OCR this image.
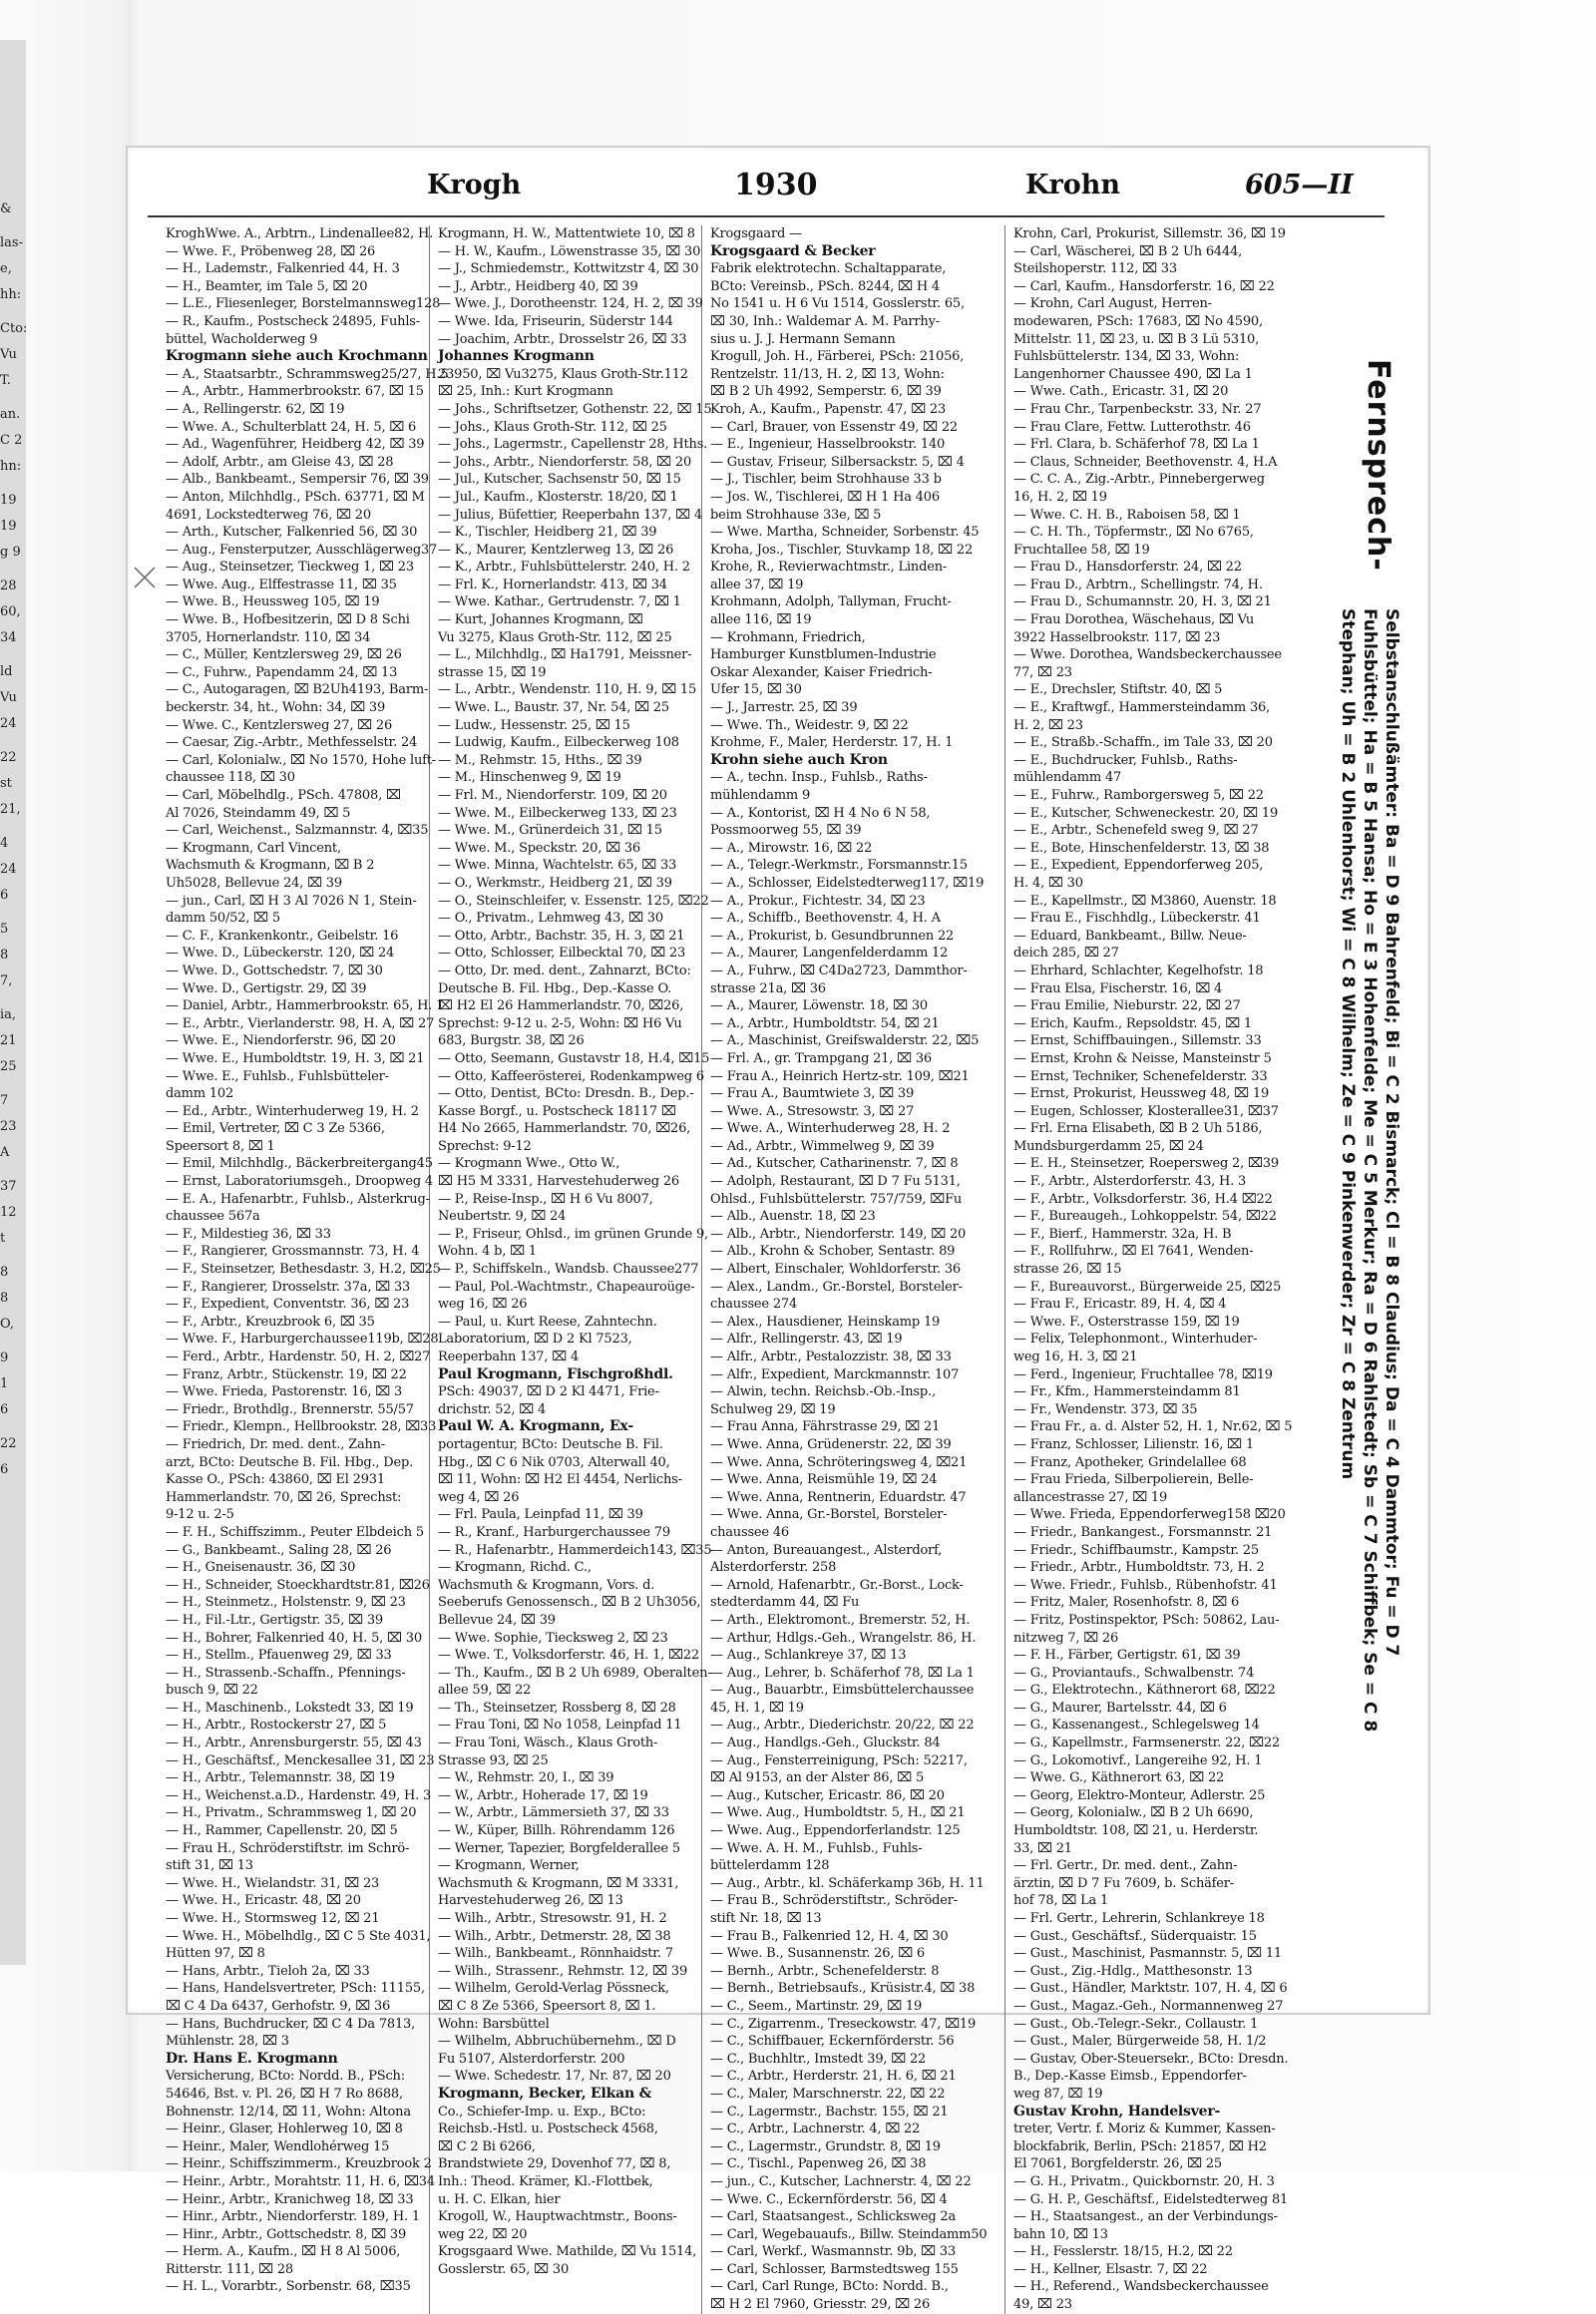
&
las-
e,
hh:
Cto:
Vu
T.
an.
C 2
hn:
19
19
g 9
28
60,
34
ld
Vu
24
22
st
21,
4
24
6
5
8
7,
ia,
21
25
7
23
A
37
12
t
8
8
O,
9
1
6
22
6
Krogh	1930	Krohn	605—II
KroghWwe. A., Arbtrn., Lindenallee82, H.
— Wwe. F., Pröbenweg 28, ⌧ 26
— H., Lademstr., Falkenried 44, H. 3
— H., Beamter, im Tale 5, ⌧ 20
— L.E., Fliesenleger, Borstelmannsweg128
— R., Kaufm., Postscheck 24895, Fuhls-
büttel, Wacholderweg 9
Krogmann siehe auch Krochmann
— A., Staatsarbtr., Schrammsweg25/27, H.5
— A., Arbtr., Hammerbrookstr. 67, ⌧ 15
— A., Rellingerstr. 62, ⌧ 19
— Wwe. A., Schulterblatt 24, H. 5, ⌧ 6
— Ad., Wagenführer, Heidberg 42, ⌧ 39
— Adolf, Arbtr., am Gleise 43, ⌧ 28
— Alb., Bankbeamt., Sempersir 76, ⌧ 39
— Anton, Milchhdlg., PSch. 63771, ⌧ M
4691, Lockstedterweg 76, ⌧ 20
— Arth., Kutscher, Falkenried 56, ⌧ 30
— Aug., Fensterputzer, Ausschlägerweg37
— Aug., Steinsetzer, Tieckweg 1, ⌧ 23
— Wwe. Aug., Elffestrasse 11, ⌧ 35
— Wwe. B., Heussweg 105, ⌧ 19
— Wwe. B., Hofbesitzerin, ⌧ D 8 Schi
3705, Hornerlandstr. 110, ⌧ 34
— C., Müller, Kentzlersweg 29, ⌧ 26
— C., Fuhrw., Papendamm 24, ⌧ 13
— C., Autogaragen, ⌧ B2Uh4193, Barm-
beckerstr. 34, ht., Wohn: 34, ⌧ 39
— Wwe. C., Kentzlersweg 27, ⌧ 26
— Caesar, Zig.-Arbtr., Methfesselstr. 24
— Carl, Kolonialw., ⌧ No 1570, Hohe luft-
chaussee 118, ⌧ 30
— Carl, Möbelhdlg., PSch. 47808, ⌧
Al 7026, Steindamm 49, ⌧ 5
— Carl, Weichenst., Salzmannstr. 4, ⌧35
— Krogmann, Carl Vincent,
Wachsmuth & Krogmann, ⌧ B 2
Uh5028, Bellevue 24, ⌧ 39
— jun., Carl, ⌧ H 3 Al 7026 N 1, Stein-
damm 50/52, ⌧ 5
— C. F., Krankenkontr., Geibelstr. 16
— Wwe. D., Lübeckerstr. 120, ⌧ 24
— Wwe. D., Gottschedstr. 7, ⌧ 30
— Wwe. D., Gertigstr. 29, ⌧ 39
— Daniel, Arbtr., Hammerbrookstr. 65, H. 1
— E., Arbtr., Vierlanderstr. 98, H. A, ⌧ 27
— Wwe. E., Niendorferstr. 96, ⌧ 20
— Wwe. E., Humboldtstr. 19, H. 3, ⌧ 21
— Wwe. E., Fuhlsb., Fuhlsbütteler-
damm 102
— Ed., Arbtr., Winterhuderweg 19, H. 2
— Emil, Vertreter, ⌧ C 3 Ze 5366,
Speersort 8, ⌧ 1
— Emil, Milchhdlg., Bäckerbreitergang45
— Ernst, Laboratoriumsgeh., Droopweg 4
— E. A., Hafenarbtr., Fuhlsb., Alsterkrug-
chaussee 567a
— F., Mildestieg 36, ⌧ 33
— F., Rangierer, Grossmannstr. 73, H. 4
— F., Steinsetzer, Bethesdastr. 3, H.2, ⌧25
— F., Rangierer, Drosselstr. 37a, ⌧ 33
— F., Expedient, Conventstr. 36, ⌧ 23
— F., Arbtr., Kreuzbrook 6, ⌧ 35
— Wwe. F., Harburgerchaussee119b, ⌧28
— Ferd., Arbtr., Hardenstr. 50, H. 2, ⌧27
— Franz, Arbtr., Stückenstr. 19, ⌧ 22
— Wwe. Frieda, Pastorenstr. 16, ⌧ 3
— Friedr., Brothdlg., Brennerstr. 55/57
— Friedr., Klempn., Hellbrookstr. 28, ⌧33
— Friedrich, Dr. med. dent., Zahn-
arzt, BCto: Deutsche B. Fil. Hbg., Dep.
Kasse O., PSch: 43860, ⌧ El 2931
Hammerlandstr. 70, ⌧ 26, Sprechst:
9-12 u. 2-5
— F. H., Schiffszimm., Peuter Elbdeich 5
— G., Bankbeamt., Saling 28, ⌧ 26
— H., Gneisenaustr. 36, ⌧ 30
— H., Schneider, Stoeckhardtstr.81, ⌧26
— H., Steinmetz., Holstenstr. 9, ⌧ 23
— H., Fil.-Ltr., Gertigstr. 35, ⌧ 39
— H., Bohrer, Falkenried 40, H. 5, ⌧ 30
— H., Stellm., Pfauenweg 29, ⌧ 33
— H., Strassenb.-Schaffn., Pfennings-
busch 9, ⌧ 22
— H., Maschinenb., Lokstedt 33, ⌧ 19
— H., Arbtr., Rostockerstr 27, ⌧ 5
— H., Arbtr., Anrensburgerstr. 55, ⌧ 43
— H., Geschäftsf., Menckesallee 31, ⌧ 23
— H., Arbtr., Telemannstr. 38, ⌧ 19
— H., Weichenst.a.D., Hardenstr. 49, H. 3
— H., Privatm., Schrammsweg 1, ⌧ 20
— H., Rammer, Capellenstr. 20, ⌧ 5
— Frau H., Schröderstiftstr. im Schrö-
stift 31, ⌧ 13
— Wwe. H., Wielandstr. 31, ⌧ 23
— Wwe. H., Ericastr. 48, ⌧ 20
— Wwe. H., Stormsweg 12, ⌧ 21
— Wwe. H., Möbelhdlg., ⌧ C 5 Ste 4031,
Hütten 97, ⌧ 8
— Hans, Arbtr., Tieloh 2a, ⌧ 33
— Hans, Handelsvertreter, PSch: 11155,
⌧ C 4 Da 6437, Gerhofstr. 9, ⌧ 36
— Hans, Buchdrucker, ⌧ C 4 Da 7813,
Mühlenstr. 28, ⌧ 3
Dr. Hans E. Krogmann
Versicherung, BCto: Nordd. B., PSch:
54646, Bst. v. Pl. 26, ⌧ H 7 Ro 8688,
Bohnenstr. 12/14, ⌧ 11, Wohn: Altona
— Heinr., Glaser, Hohlerweg 10, ⌧ 8
— Heinr., Maler, Wendlohérweg 15
— Heinr., Schiffszimmerm., Kreuzbrook 2
— Heinr., Arbtr., Morahtstr. 11, H. 6, ⌧34
— Heinr., Arbtr., Kranichweg 18, ⌧ 33
— Hinr., Arbtr., Niendorferstr. 189, H. 1
— Hinr., Arbtr., Gottschedstr. 8, ⌧ 39
— Herm. A., Kaufm., ⌧ H 8 Al 5006,
Ritterstr. 111, ⌧ 28
— H. L., Vorarbtr., Sorbenstr. 68, ⌧35
Krogmann, H. W., Mattentwiete 10, ⌧ 8
— H. W., Kaufm., Löwenstrasse 35, ⌧ 30
— J., Schmiedemstr., Kottwitzstr 4, ⌧ 30
— J., Arbtr., Heidberg 40, ⌧ 39
— Wwe. J., Dorotheenstr. 124, H. 2, ⌧ 39
— Wwe. Ida, Friseurin, Süderstr 144
— Joachim, Arbtr., Drosselstr 26, ⌧ 33
Johannes Krogmann
23950, ⌧ Vu3275, Klaus Groth-Str.112
⌧ 25, Inh.: Kurt Krogmann
— Johs., Schriftsetzer, Gothenstr. 22, ⌧ 15
— Johs., Klaus Groth-Str. 112, ⌧ 25
— Johs., Lagermstr., Capellenstr 28, Hths.
— Johs., Arbtr., Niendorferstr. 58, ⌧ 20
— Jul., Kutscher, Sachsenstr 50, ⌧ 15
— Jul., Kaufm., Klosterstr. 18/20, ⌧ 1
— Julius, Büfettier, Reeperbahn 137, ⌧ 4
— K., Tischler, Heidberg 21, ⌧ 39
— K., Maurer, Kentzlerweg 13, ⌧ 26
— K., Arbtr., Fuhlsbüttelerstr. 240, H. 2
— Frl. K., Hornerlandstr. 413, ⌧ 34
— Wwe. Kathar., Gertrudenstr. 7, ⌧ 1
— Kurt, Johannes Krogmann, ⌧
Vu 3275, Klaus Groth-Str. 112, ⌧ 25
— L., Milchhdlg., ⌧ Ha1791, Meissner-
strasse 15, ⌧ 19
— L., Arbtr., Wendenstr. 110, H. 9, ⌧ 15
— Wwe. L., Baustr. 37, Nr. 54, ⌧ 25
— Ludw., Hessenstr. 25, ⌧ 15
— Ludwig, Kaufm., Eilbeckerweg 108
— M., Rehmstr. 15, Hths., ⌧ 39
— M., Hinschenweg 9, ⌧ 19
— Frl. M., Niendorferstr. 109, ⌧ 20
— Wwe. M., Eilbeckerweg 133, ⌧ 23
— Wwe. M., Grünerdeich 31, ⌧ 15
— Wwe. M., Speckstr. 20, ⌧ 36
— Wwe. Minna, Wachtelstr. 65, ⌧ 33
— O., Werkmstr., Heidberg 21, ⌧ 39
— O., Steinschleifer, v. Essenstr. 125, ⌧22
— O., Privatm., Lehmweg 43, ⌧ 30
— Otto, Arbtr., Bachstr. 35, H. 3, ⌧ 21
— Otto, Schlosser, Eilbecktal 70, ⌧ 23
— Otto, Dr. med. dent., Zahnarzt, BCto:
Deutsche B. Fil. Hbg., Dep.-Kasse O.
⌧ H2 El 26 Hammerlandstr. 70, ⌧26,
Sprechst: 9-12 u. 2-5, Wohn: ⌧ H6 Vu
683, Burgstr. 38, ⌧ 26
— Otto, Seemann, Gustavstr 18, H.4, ⌧15
— Otto, Kaffeerösterei, Rodenkampweg 6
— Otto, Dentist, BCto: Dresdn. B., Dep.-
Kasse Borgf., u. Postscheck 18117 ⌧
H4 No 2665, Hammerlandstr. 70, ⌧26,
Sprechst: 9-12
— Krogmann Wwe., Otto W.,
⌧ H5 M 3331, Harvestehuderweg 26
— P., Reise-Insp., ⌧ H 6 Vu 8007,
Neubertstr. 9, ⌧ 24
— P., Friseur, Ohlsd., im grünen Grunde 9,
Wohn. 4 b, ⌧ 1
— P., Schiffskeln., Wandsb. Chaussee277
— Paul, Pol.-Wachtmstr., Chapeauroüge-
weg 16, ⌧ 26
— Paul, u. Kurt Reese, Zahntechn.
Laboratorium, ⌧ D 2 Kl 7523,
Reeperbahn 137, ⌧ 4
Paul Krogmann, Fischgroßhdl.
PSch: 49037, ⌧ D 2 Kl 4471, Frie-
drichstr. 52, ⌧ 4
Paul W. A. Krogmann, Ex-
portagentur, BCto: Deutsche B. Fil.
Hbg., ⌧ C 6 Nik 0703, Alterwall 40,
⌧ 11, Wohn: ⌧ H2 El 4454, Nerlichs-
weg 4, ⌧ 26
— Frl. Paula, Leinpfad 11, ⌧ 39
— R., Kranf., Harburgerchaussee 79
— R., Hafenarbtr., Hammerdeich143, ⌧35
— Krogmann, Richd. C.,
Wachsmuth & Krogmann, Vors. d.
Seeberufs Genossensch., ⌧ B 2 Uh3056,
Bellevue 24, ⌧ 39
— Wwe. Sophie, Tiecksweg 2, ⌧ 23
— Wwe. T., Volksdorferstr. 46, H. 1, ⌧22
— Th., Kaufm., ⌧ B 2 Uh 6989, Oberalten-
allee 59, ⌧ 22
— Th., Steinsetzer, Rossberg 8, ⌧ 28
— Frau Toni, ⌧ No 1058, Leinpfad 11
— Frau Toni, Wäsch., Klaus Groth-
Strasse 93, ⌧ 25
— W., Rehmstr. 20, I., ⌧ 39
— W., Arbtr., Hoherade 17, ⌧ 19
— W., Arbtr., Lämmersieth 37, ⌧ 33
— W., Küper, Billh. Röhrendamm 126
— Werner, Tapezier, Borgfelderallee 5
— Krogmann, Werner,
Wachsmuth & Krogmann, ⌧ M 3331,
Harvestehuderweg 26, ⌧ 13
— Wilh., Arbtr., Stresowstr. 91, H. 2
— Wilh., Arbtr., Detmerstr. 28, ⌧ 38
— Wilh., Bankbeamt., Rönnhaidstr. 7
— Wilh., Strassenr., Rehmstr. 12, ⌧ 39
— Wilhelm, Gerold-Verlag Pössneck,
⌧ C 8 Ze 5366, Speersort 8, ⌧ 1.
Wohn: Barsbüttel
— Wilhelm, Abbruchübernehm., ⌧ D
Fu 5107, Alsterdorferstr. 200
— Wwe. Schedestr. 17, Nr. 87, ⌧ 20
Krogmann, Becker, Elkan &
Co., Schiefer-Imp. u. Exp., BCto:
Reichsb.-Hstl. u. Postscheck 4568,
⌧ C 2 Bi 6266,
Brandstwiete 29, Dovenhof 77, ⌧ 8,
Inh.: Theod. Krämer, Kl.-Flottbek,
u. H. C. Elkan, hier
Krogoll, W., Hauptwachtmstr., Boons-
weg 22, ⌧ 20
Krogsgaard Wwe. Mathilde, ⌧ Vu 1514,
Gosslerstr. 65, ⌧ 30
Krogsgaard —
Krogsgaard & Becker
Fabrik elektrotechn. Schaltapparate,
BCto: Vereinsb., PSch. 8244, ⌧ H 4
No 1541 u. H 6 Vu 1514, Gosslerstr. 65,
⌧ 30, Inh.: Waldemar A. M. Parrhy-
sius u. J. J. Hermann Semann
Krogull, Joh. H., Färberei, PSch: 21056,
Rentzelstr. 11/13, H. 2, ⌧ 13, Wohn:
⌧ B 2 Uh 4992, Semperstr. 6, ⌧ 39
Kroh, A., Kaufm., Papenstr. 47, ⌧ 23
— Carl, Brauer, von Essenstr 49, ⌧ 22
— E., Ingenieur, Hasselbrookstr. 140
— Gustav, Friseur, Silbersackstr. 5, ⌧ 4
— J., Tischler, beim Strohhause 33 b
— Jos. W., Tischlerei, ⌧ H 1 Ha 406
beim Strohhause 33e, ⌧ 5
— Wwe. Martha, Schneider, Sorbenstr. 45
Kroha, Jos., Tischler, Stuvkamp 18, ⌧ 22
Krohe, R., Revierwachtmstr., Linden-
allee 37, ⌧ 19
Krohmann, Adolph, Tallyman, Frucht-
allee 116, ⌧ 19
— Krohmann, Friedrich,
Hamburger Kunstblumen-Industrie
Oskar Alexander, Kaiser Friedrich-
Ufer 15, ⌧ 30
— J., Jarrestr. 25, ⌧ 39
— Wwe. Th., Weidestr. 9, ⌧ 22
Krohme, F., Maler, Herderstr. 17, H. 1
Krohn siehe auch Kron
— A., techn. Insp., Fuhlsb., Raths-
mühlendamm 9
— A., Kontorist, ⌧ H 4 No 6 N 58,
Possmoorweg 55, ⌧ 39
— A., Mirowstr. 16, ⌧ 22
— A., Telegr.-Werkmstr., Forsmannstr.15
— A., Schlosser, Eidelstedterweg117, ⌧19
— A., Prokur., Fichtestr. 34, ⌧ 23
— A., Schiffb., Beethovenstr. 4, H. A
— A., Prokurist, b. Gesundbrunnen 22
— A., Maurer, Langenfelderdamm 12
— A., Fuhrw., ⌧ C4Da2723, Dammthor-
strasse 21a, ⌧ 36
— A., Maurer, Löwenstr. 18, ⌧ 30
— A., Arbtr., Humboldtstr. 54, ⌧ 21
— A., Maschinist, Greifswalderstr. 22, ⌧5
— Frl. A., gr. Trampgang 21, ⌧ 36
— Frau A., Heinrich Hertz-str. 109, ⌧21
— Frau A., Baumtwiete 3, ⌧ 39
— Wwe. A., Stresowstr. 3, ⌧ 27
— Wwe. A., Winterhuderweg 28, H. 2
— Ad., Arbtr., Wimmelweg 9, ⌧ 39
— Ad., Kutscher, Catharinenstr. 7, ⌧ 8
— Adolph, Restaurant, ⌧ D 7 Fu 5131,
Ohlsd., Fuhlsbüttelerstr. 757/759, ⌧Fu
— Alb., Auenstr. 18, ⌧ 23
— Alb., Arbtr., Niendorferstr. 149, ⌧ 20
— Alb., Krohn & Schober, Sentastr. 89
— Albert, Einschaler, Wohldorferstr. 36
— Alex., Landm., Gr.-Borstel, Borsteler-
chaussee 274
— Alex., Hausdiener, Heinskamp 19
— Alfr., Rellingerstr. 43, ⌧ 19
— Alfr., Arbtr., Pestalozzistr. 38, ⌧ 33
— Alfr., Expedient, Marckmannstr. 107
— Alwin, techn. Reichsb.-Ob.-Insp.,
Schulweg 29, ⌧ 19
— Frau Anna, Fährstrasse 29, ⌧ 21
— Wwe. Anna, Grüdenerstr. 22, ⌧ 39
— Wwe. Anna, Schröteringsweg 4, ⌧21
— Wwe. Anna, Reismühle 19, ⌧ 24
— Wwe. Anna, Rentnerin, Eduardstr. 47
— Wwe. Anna, Gr.-Borstel, Borsteler-
chaussee 46
— Anton, Bureauangest., Alsterdorf,
Alsterdorferstr. 258
— Arnold, Hafenarbtr., Gr.-Borst., Lock-
stedterdamm 44, ⌧ Fu
— Arth., Elektromont., Bremerstr. 52, H.
— Arthur, Hdlgs.-Geh., Wrangelstr. 86, H.
— Aug., Schlankreye 37, ⌧ 13
— Aug., Lehrer, b. Schäferhof 78, ⌧ La 1
— Aug., Bauarbtr., Eimsbüttelerchaussee
45, H. 1, ⌧ 19
— Aug., Arbtr., Diederichstr. 20/22, ⌧ 22
— Aug., Handlgs.-Geh., Gluckstr. 84
— Aug., Fensterreinigung, PSch: 52217,
⌧ Al 9153, an der Alster 86, ⌧ 5
— Aug., Kutscher, Ericastr. 86, ⌧ 20
— Wwe. Aug., Humboldtstr. 5, H., ⌧ 21
— Wwe. Aug., Eppendorferlandstr. 125
— Wwe. A. H. M., Fuhlsb., Fuhls-
büttelerdamm 128
— Aug., Arbtr., kl. Schäferkamp 36b, H. 11
— Frau B., Schröderstiftstr., Schröder-
stift Nr. 18, ⌧ 13
— Frau B., Falkenried 12, H. 4, ⌧ 30
— Wwe. B., Susannenstr. 26, ⌧ 6
— Bernh., Arbtr., Schenefelderstr. 8
— Bernh., Betriebsaufs., Krüsistr.4, ⌧ 38
— C., Seem., Martinstr. 29, ⌧ 19
— C., Zigarrenm., Treseckowstr. 47, ⌧19
— C., Schiffbauer, Eckernförderstr. 56
— C., Buchhltr., Imstedt 39, ⌧ 22
— C., Arbtr., Herderstr. 21, H. 6, ⌧ 21
— C., Maler, Marschnerstr. 22, ⌧ 22
— C., Lagermstr., Bachstr. 155, ⌧ 21
— C., Arbtr., Lachnerstr. 4, ⌧ 22
— C., Lagermstr., Grundstr. 8, ⌧ 19
— C., Tischl., Papenweg 26, ⌧ 38
— jun., C., Kutscher, Lachnerstr. 4, ⌧ 22
— Wwe. C., Eckernförderstr. 56, ⌧ 4
— Carl, Staatsangest., Schlicksweg 2a
— Carl, Wegebauaufs., Billw. Steindamm50
— Carl, Werkf., Wasmannstr. 9b, ⌧ 33
— Carl, Schlosser, Barmstedtsweg 155
— Carl, Carl Runge, BCto: Nordd. B.,
⌧ H 2 El 7960, Griesstr. 29, ⌧ 26
Krohn, Carl, Prokurist, Sillemstr. 36, ⌧ 19
— Carl, Wäscherei, ⌧ B 2 Uh 6444,
Steilshoperstr. 112, ⌧ 33
— Carl, Kaufm., Hansdorferstr. 16, ⌧ 22
— Krohn, Carl August, Herren-
modewaren, PSch: 17683, ⌧ No 4590,
Mittelstr. 11, ⌧ 23, u. ⌧ B 3 Lü 5310,
Fuhlsbüttelerstr. 134, ⌧ 33, Wohn:
Langenhorner Chaussee 490, ⌧ La 1
— Wwe. Cath., Ericastr. 31, ⌧ 20
— Frau Chr., Tarpenbeckstr. 33, Nr. 27
— Frau Clare, Fettw. Lutterothstr. 46
— Frl. Clara, b. Schäferhof 78, ⌧ La 1
— Claus, Schneider, Beethovenstr. 4, H.A
— C. C. A., Zig.-Arbtr., Pinnebergerweg
16, H. 2, ⌧ 19
— Wwe. C. H. B., Raboisen 58, ⌧ 1
— C. H. Th., Töpfermstr., ⌧ No 6765,
Fruchtallee 58, ⌧ 19
— Frau D., Hansdorferstr. 24, ⌧ 22
— Frau D., Arbtrn., Schellingstr. 74, H.
— Frau D., Schumannstr. 20, H. 3, ⌧ 21
— Frau Dorothea, Wäschehaus, ⌧ Vu
3922 Hasselbrookstr. 117, ⌧ 23
— Wwe. Dorothea, Wandsbeckerchaussee
77, ⌧ 23
— E., Drechsler, Stiftstr. 40, ⌧ 5
— E., Kraftwgf., Hammersteindamm 36,
H. 2, ⌧ 23
— E., Straßb.-Schaffn., im Tale 33, ⌧ 20
— E., Buchdrucker, Fuhlsb., Raths-
mühlendamm 47
— E., Fuhrw., Ramborgersweg 5, ⌧ 22
— E., Kutscher, Schweneckestr. 20, ⌧ 19
— E., Arbtr., Schenefeld sweg 9, ⌧ 27
— E., Bote, Hinschenfelderstr. 13, ⌧ 38
— E., Expedient, Eppendorferweg 205,
H. 4, ⌧ 30
— E., Kapellmstr., ⌧ M3860, Auenstr. 18
— Frau E., Fischhdlg., Lübeckerstr. 41
— Eduard, Bankbeamt., Billw. Neue-
deich 285, ⌧ 27
— Ehrhard, Schlachter, Kegelhofstr. 18
— Frau Elsa, Fischerstr. 16, ⌧ 4
— Frau Emilie, Nieburstr. 22, ⌧ 27
— Erich, Kaufm., Repsoldstr. 45, ⌧ 1
— Ernst, Schiffbauingen., Sillemstr. 33
— Ernst, Krohn & Neisse, Mansteinstr 5
— Ernst, Techniker, Schenefelderstr. 33
— Ernst, Prokurist, Heussweg 48, ⌧ 19
— Eugen, Schlosser, Klosterallee31, ⌧37
— Frl. Erna Elisabeth, ⌧ B 2 Uh 5186,
Mundsburgerdamm 25, ⌧ 24
— E. H., Steinsetzer, Roepersweg 2, ⌧39
— F., Arbtr., Alsterdorferstr. 43, H. 3
— F., Arbtr., Volksdorferstr. 36, H.4 ⌧22
— F., Bureaugeh., Lohkoppelstr. 54, ⌧22
— F., Bierf., Hammerstr. 32a, H. B
— F., Rollfuhrw., ⌧ El 7641, Wenden-
strasse 26, ⌧ 15
— F., Bureauvorst., Bürgerweide 25, ⌧25
— Frau F., Ericastr. 89, H. 4, ⌧ 4
— Wwe. F., Osterstrasse 159, ⌧ 19
— Felix, Telephonmont., Winterhuder-
weg 16, H. 3, ⌧ 21
— Ferd., Ingenieur, Fruchtallee 78, ⌧19
— Fr., Kfm., Hammersteindamm 81
— Fr., Wendenstr. 373, ⌧ 35
— Frau Fr., a. d. Alster 52, H. 1, Nr.62, ⌧ 5
— Franz, Schlosser, Lilienstr. 16, ⌧ 1
— Franz, Apotheker, Grindelallee 68
— Frau Frieda, Silberpolierein, Belle-
allancestrasse 27, ⌧ 19
— Wwe. Frieda, Eppendorferweg158 ⌧20
— Friedr., Bankangest., Forsmannstr. 21
— Friedr., Schiffbaumstr., Kampstr. 25
— Friedr., Arbtr., Humboldtstr. 73, H. 2
— Wwe. Friedr., Fuhlsb., Rübenhofstr. 41
— Fritz, Maler, Rosenhofstr. 8, ⌧ 6
— Fritz, Postinspektor, PSch: 50862, Lau-
nitzweg 7, ⌧ 26
— F. H., Färber, Gertigstr. 61, ⌧ 39
— G., Proviantaufs., Schwalbenstr. 74
— G., Elektrotechn., Käthnerort 68, ⌧22
— G., Maurer, Bartelsstr. 44, ⌧ 6
— G., Kassenangest., Schlegelsweg 14
— G., Kapellmstr., Farmsenerstr. 22, ⌧22
— G., Lokomotivf., Langereihe 92, H. 1
— Wwe. G., Käthnerort 63, ⌧ 22
— Georg, Elektro-Monteur, Adlerstr. 25
— Georg, Kolonialw., ⌧ B 2 Uh 6690,
Humboldtstr. 108, ⌧ 21, u. Herderstr.
33, ⌧ 21
— Frl. Gertr., Dr. med. dent., Zahn-
ärztin, ⌧ D 7 Fu 7609, b. Schäfer-
hof 78, ⌧ La 1
— Frl. Gertr., Lehrerin, Schlankreye 18
— Gust., Geschäftsf., Süderquaistr. 15
— Gust., Maschinist, Pasmannstr. 5, ⌧ 11
— Gust., Zig.-Hdlg., Matthesonstr. 13
— Gust., Händler, Marktstr. 107, H. 4, ⌧ 6
— Gust., Magaz.-Geh., Normannenweg 27
— Gust., Ob.-Telegr.-Sekr., Collaustr. 1
— Gust., Maler, Bürgerweide 58, H. 1/2
— Gustav, Ober-Steuersekr., BCto: Dresdn.
B., Dep.-Kasse Eimsb., Eppendorfer-
weg 87, ⌧ 19
Gustav Krohn, Handelsver-
treter, Vertr. f. Moriz & Kummer, Kassen-
blockfabrik, Berlin, PSch: 21857, ⌧ H2
El 7061, Borgfelderstr. 26, ⌧ 25
— G. H., Privatm., Quickbornstr. 20, H. 3
— G. H. P., Geschäftsf., Eidelstedterweg 81
— H., Staatsangest., an der Verbindungs-
bahn 10, ⌧ 13
— H., Fesslerstr. 18/15, H.2, ⌧ 22
— H., Kellner, Elsastr. 7, ⌧ 22
— H., Referend., Wandsbeckerchaussee
49, ⌧ 23
Fernsprech-
Selbstanschlußämter: Ba = D 9 Bahrenfeld; Bi = C 2 Bismarck; Cl = B 8 Claudius; Da = C 4 Dammtor; Fu = D 7 Fuhlsbüttel; Ha = B 5 Hansa; Ho = E 3 Hohenfelde; Me = C 5 Merkur; Ra = D 6 Rahlstedt; Sb = C 7 Schiffbek; Se = C 8 Stephan; Uh = B 2 Uhlenhorst; Wi = C 8 Wilhelm; Ze = C 9 Pinkenwerder; Zr = C 8 Zentrum
